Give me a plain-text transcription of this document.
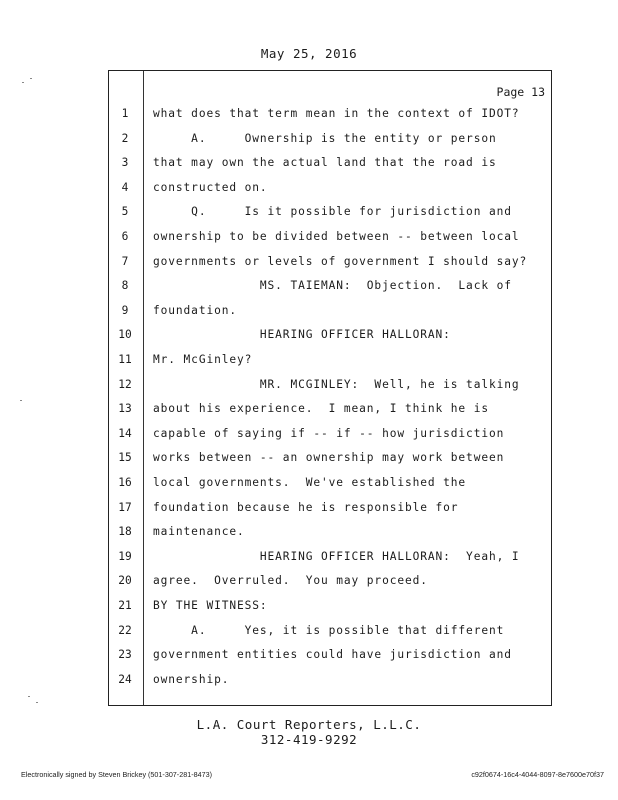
May 25, 2016
Page 13
1	what does that term mean in the context of IDOT?
2	A.     Ownership is the entity or person
3	that may own the actual land that the road is
4	constructed on.
5	Q.     Is it possible for jurisdiction and
6	ownership to be divided between -- between local
7	governments or levels of government I should say?
8	MS. TAIEMAN:  Objection.  Lack of
9	foundation.
10	HEARING OFFICER HALLORAN:
11	Mr. McGinley?
12	MR. MCGINLEY:  Well, he is talking
13	about his experience.  I mean, I think he is
14	capable of saying if -- if -- how jurisdiction
15	works between -- an ownership may work between
16	local governments.  We've established the
17	foundation because he is responsible for
18	maintenance.
19	HEARING OFFICER HALLORAN:  Yeah, I
20	agree.  Overruled.  You may proceed.
21	BY THE WITNESS:
22	A.     Yes, it is possible that different
23	government entities could have jurisdiction and
24	ownership.
L.A. Court Reporters, L.L.C.
312-419-9292
Electronically signed by Steven Brickey (501-307-281-8473)	c92f0674-16c4-4044-8097-8e7600e70f37
